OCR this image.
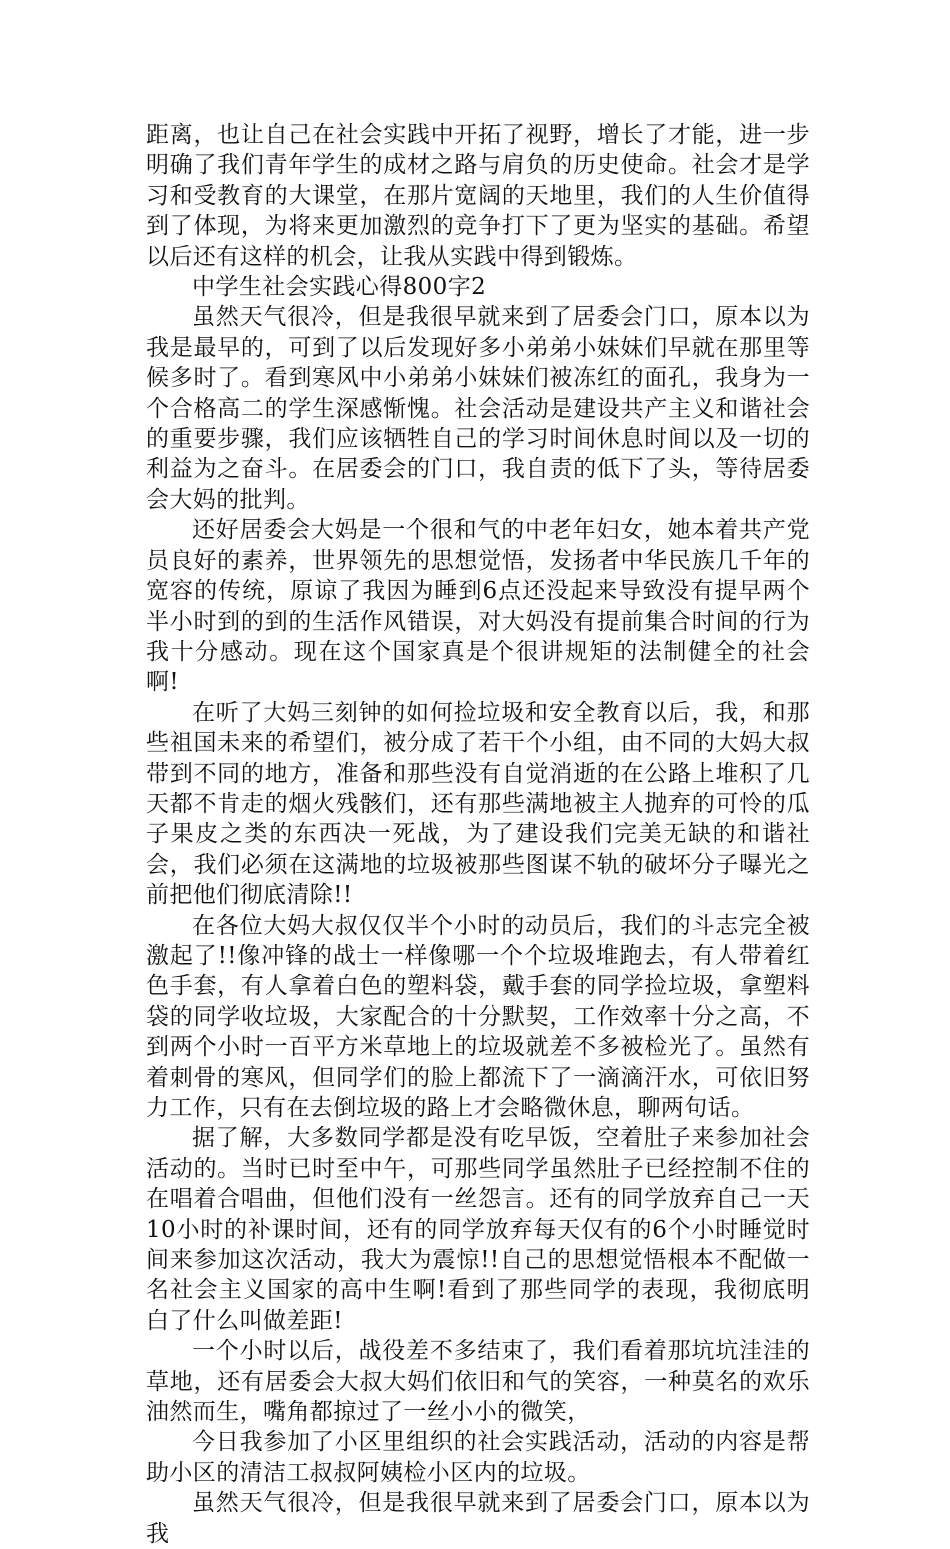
距离，也让自己在社会实践中开拓了视野，增长了才能，进一步明确了我们青年学生的成材之路与肩负的历史使命。社会才是学习和受教育的大课堂，在那片宽阔的天地里，我们的人生价值得到了体现，为将来更加激烈的竞争打下了更为坚实的基础。希望以后还有这样的机会，让我从实践中得到锻炼。

中学生社会实践心得800字2

虽然天气很冷，但是我很早就来到了居委会门口，原本以为我是最早的，可到了以后发现好多小弟弟小妹妹们早就在那里等候多时了。看到寒风中小弟弟小妹妹们被冻红的面孔，我身为一个合格高二的学生深感惭愧。社会活动是建设共产主义和谐社会的重要步骤，我们应该牺牲自己的学习时间休息时间以及一切的利益为之奋斗。在居委会的门口，我自责的低下了头，等待居委会大妈的批判。

还好居委会大妈是一个很和气的中老年妇女，她本着共产党员良好的素养，世界领先的思想觉悟，发扬者中华民族几千年的宽容的传统，原谅了我因为睡到6点还没起来导致没有提早两个半小时到的到的生活作风错误，对大妈没有提前集合时间的行为我十分感动。现在这个国家真是个很讲规矩的法制健全的社会啊!

在听了大妈三刻钟的如何捡垃圾和安全教育以后，我，和那些祖国未来的希望们，被分成了若干个小组，由不同的大妈大叔带到不同的地方，准备和那些没有自觉消逝的在公路上堆积了几天都不肯走的烟火残骸们，还有那些满地被主人抛弃的可怜的瓜子果皮之类的东西决一死战，为了建设我们完美无缺的和谐社会，我们必须在这满地的垃圾被那些图谋不轨的破坏分子曝光之前把他们彻底清除!!

在各位大妈大叔仅仅半个小时的动员后，我们的斗志完全被激起了!!像冲锋的战士一样像哪一个个垃圾堆跑去，有人带着红色手套，有人拿着白色的塑料袋，戴手套的同学捡垃圾，拿塑料袋的同学收垃圾，大家配合的十分默契，工作效率十分之高，不到两个小时一百平方米草地上的垃圾就差不多被检光了。虽然有着刺骨的寒风，但同学们的脸上都流下了一滴滴汗水，可依旧努力工作，只有在去倒垃圾的路上才会略微休息，聊两句话。

据了解，大多数同学都是没有吃早饭，空着肚子来参加社会活动的。当时已时至中午，可那些同学虽然肚子已经控制不住的在唱着合唱曲，但他们没有一丝怨言。还有的同学放弃自己一天10小时的补课时间，还有的同学放弃每天仅有的6个小时睡觉时间来参加这次活动，我大为震惊!!自己的思想觉悟根本不配做一名社会主义国家的高中生啊!看到了那些同学的表现，我彻底明白了什么叫做差距!

一个小时以后，战役差不多结束了，我们看着那坑坑洼洼的草地，还有居委会大叔大妈们依旧和气的笑容，一种莫名的欢乐油然而生，嘴角都掠过了一丝小小的微笑，

今日我参加了小区里组织的社会实践活动，活动的内容是帮助小区的清洁工叔叔阿姨检小区内的垃圾。

虽然天气很冷，但是我很早就来到了居委会门口，原本以为我
